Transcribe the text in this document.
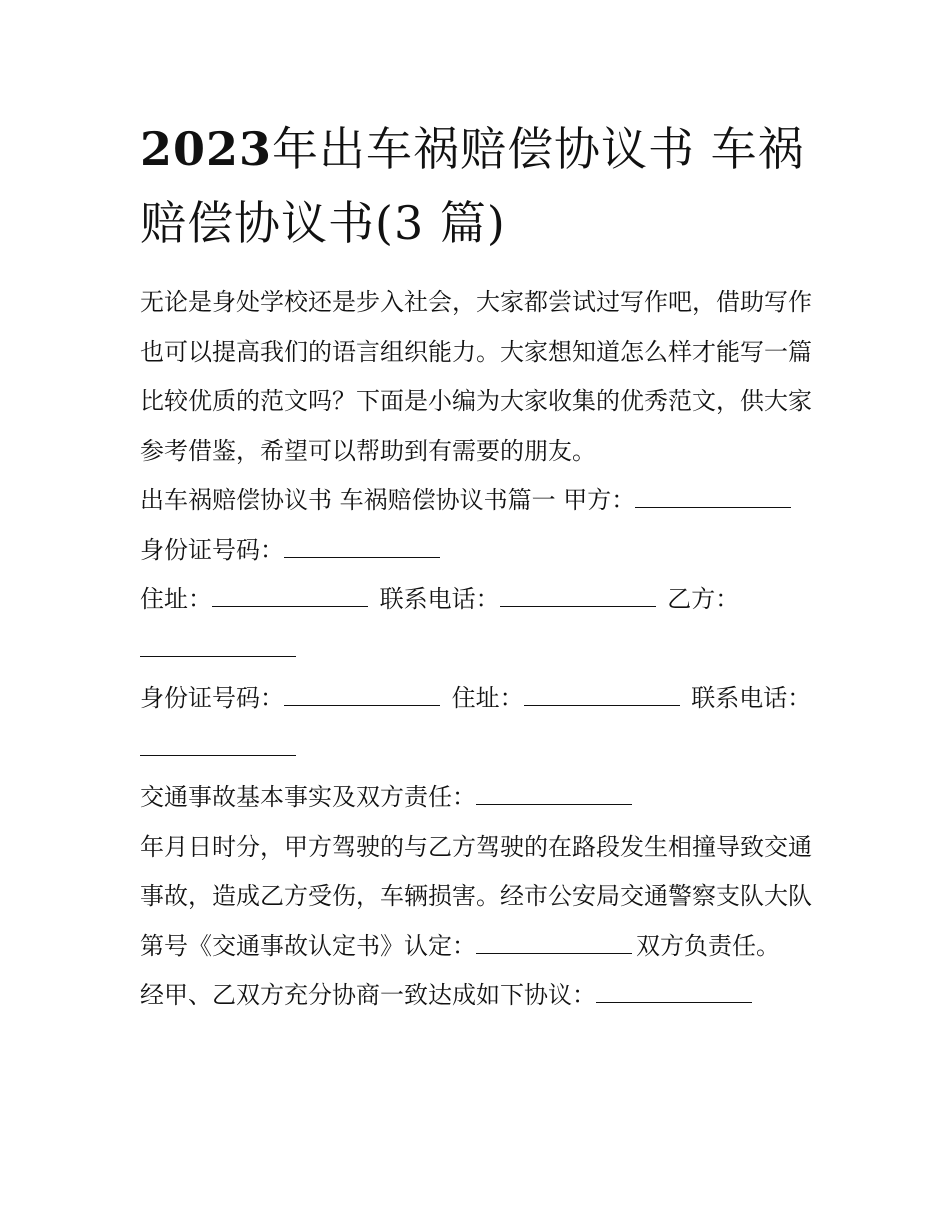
2023年出车祸赔偿协议书 车祸赔偿协议书(3 篇)

无论是身处学校还是步入社会，大家都尝试过写作吧，借助写作也可以提高我们的语言组织能力。大家想知道怎么样才能写一篇比较优质的范文吗？下面是小编为大家收集的优秀范文，供大家参考借鉴，希望可以帮助到有需要的朋友。

出车祸赔偿协议书 车祸赔偿协议书篇一 甲方：

身份证号码：

住址：	联系电话：	乙方：

身份证号码：	住址：	联系电话：

交通事故基本事实及双方责任：

年月日时分，甲方驾驶的与乙方驾驶的在路段发生相撞导致交通事故，造成乙方受伤，车辆损害。经市公安局交通警察支队大队第号《交通事故认定书》认定：	双方负责任。

经甲、乙双方充分协商一致达成如下协议：
